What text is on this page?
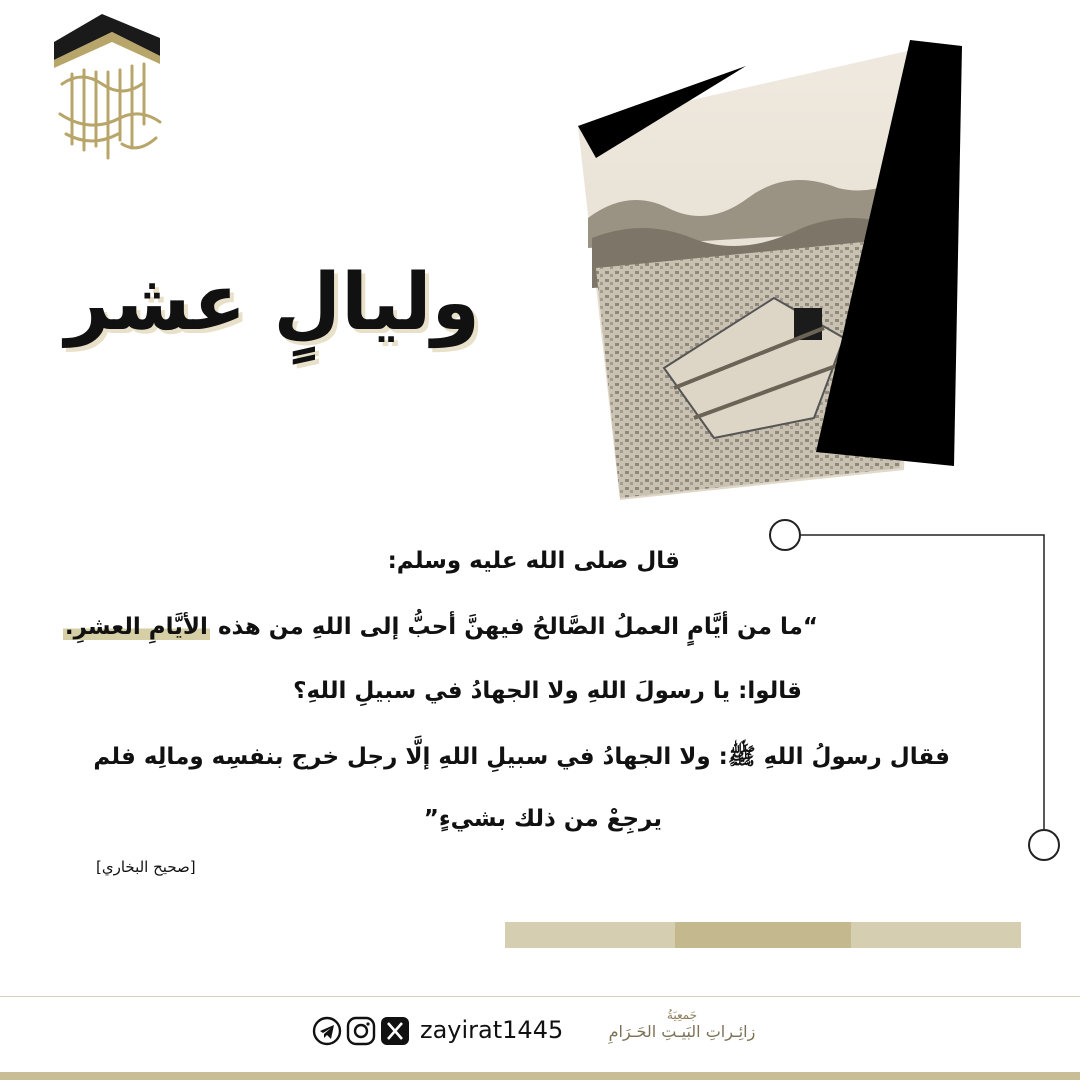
وليالٍ عشر
قال صلى الله عليه وسلم:
“ما من أيَّامٍ العملُ الصَّالحُ فيهنَّ أحبُّ إلى اللهِ من هذه الأيَّامِ العشرِ.
قالوا: يا رسولَ اللهِ ولا الجهادُ في سبيلِ اللهِ؟
فقال رسولُ اللهِ ﷺ: ولا الجهادُ في سبيلِ اللهِ إلَّا رجل خرج بنفسِه ومالِه فلم
يرجِعْ من ذلك بشيءٍ”
[صحيح البخاري]
zayirat1445
جَمعِيَةُ
زائِـراتِ البَيـتِ الحَـرَامِ
